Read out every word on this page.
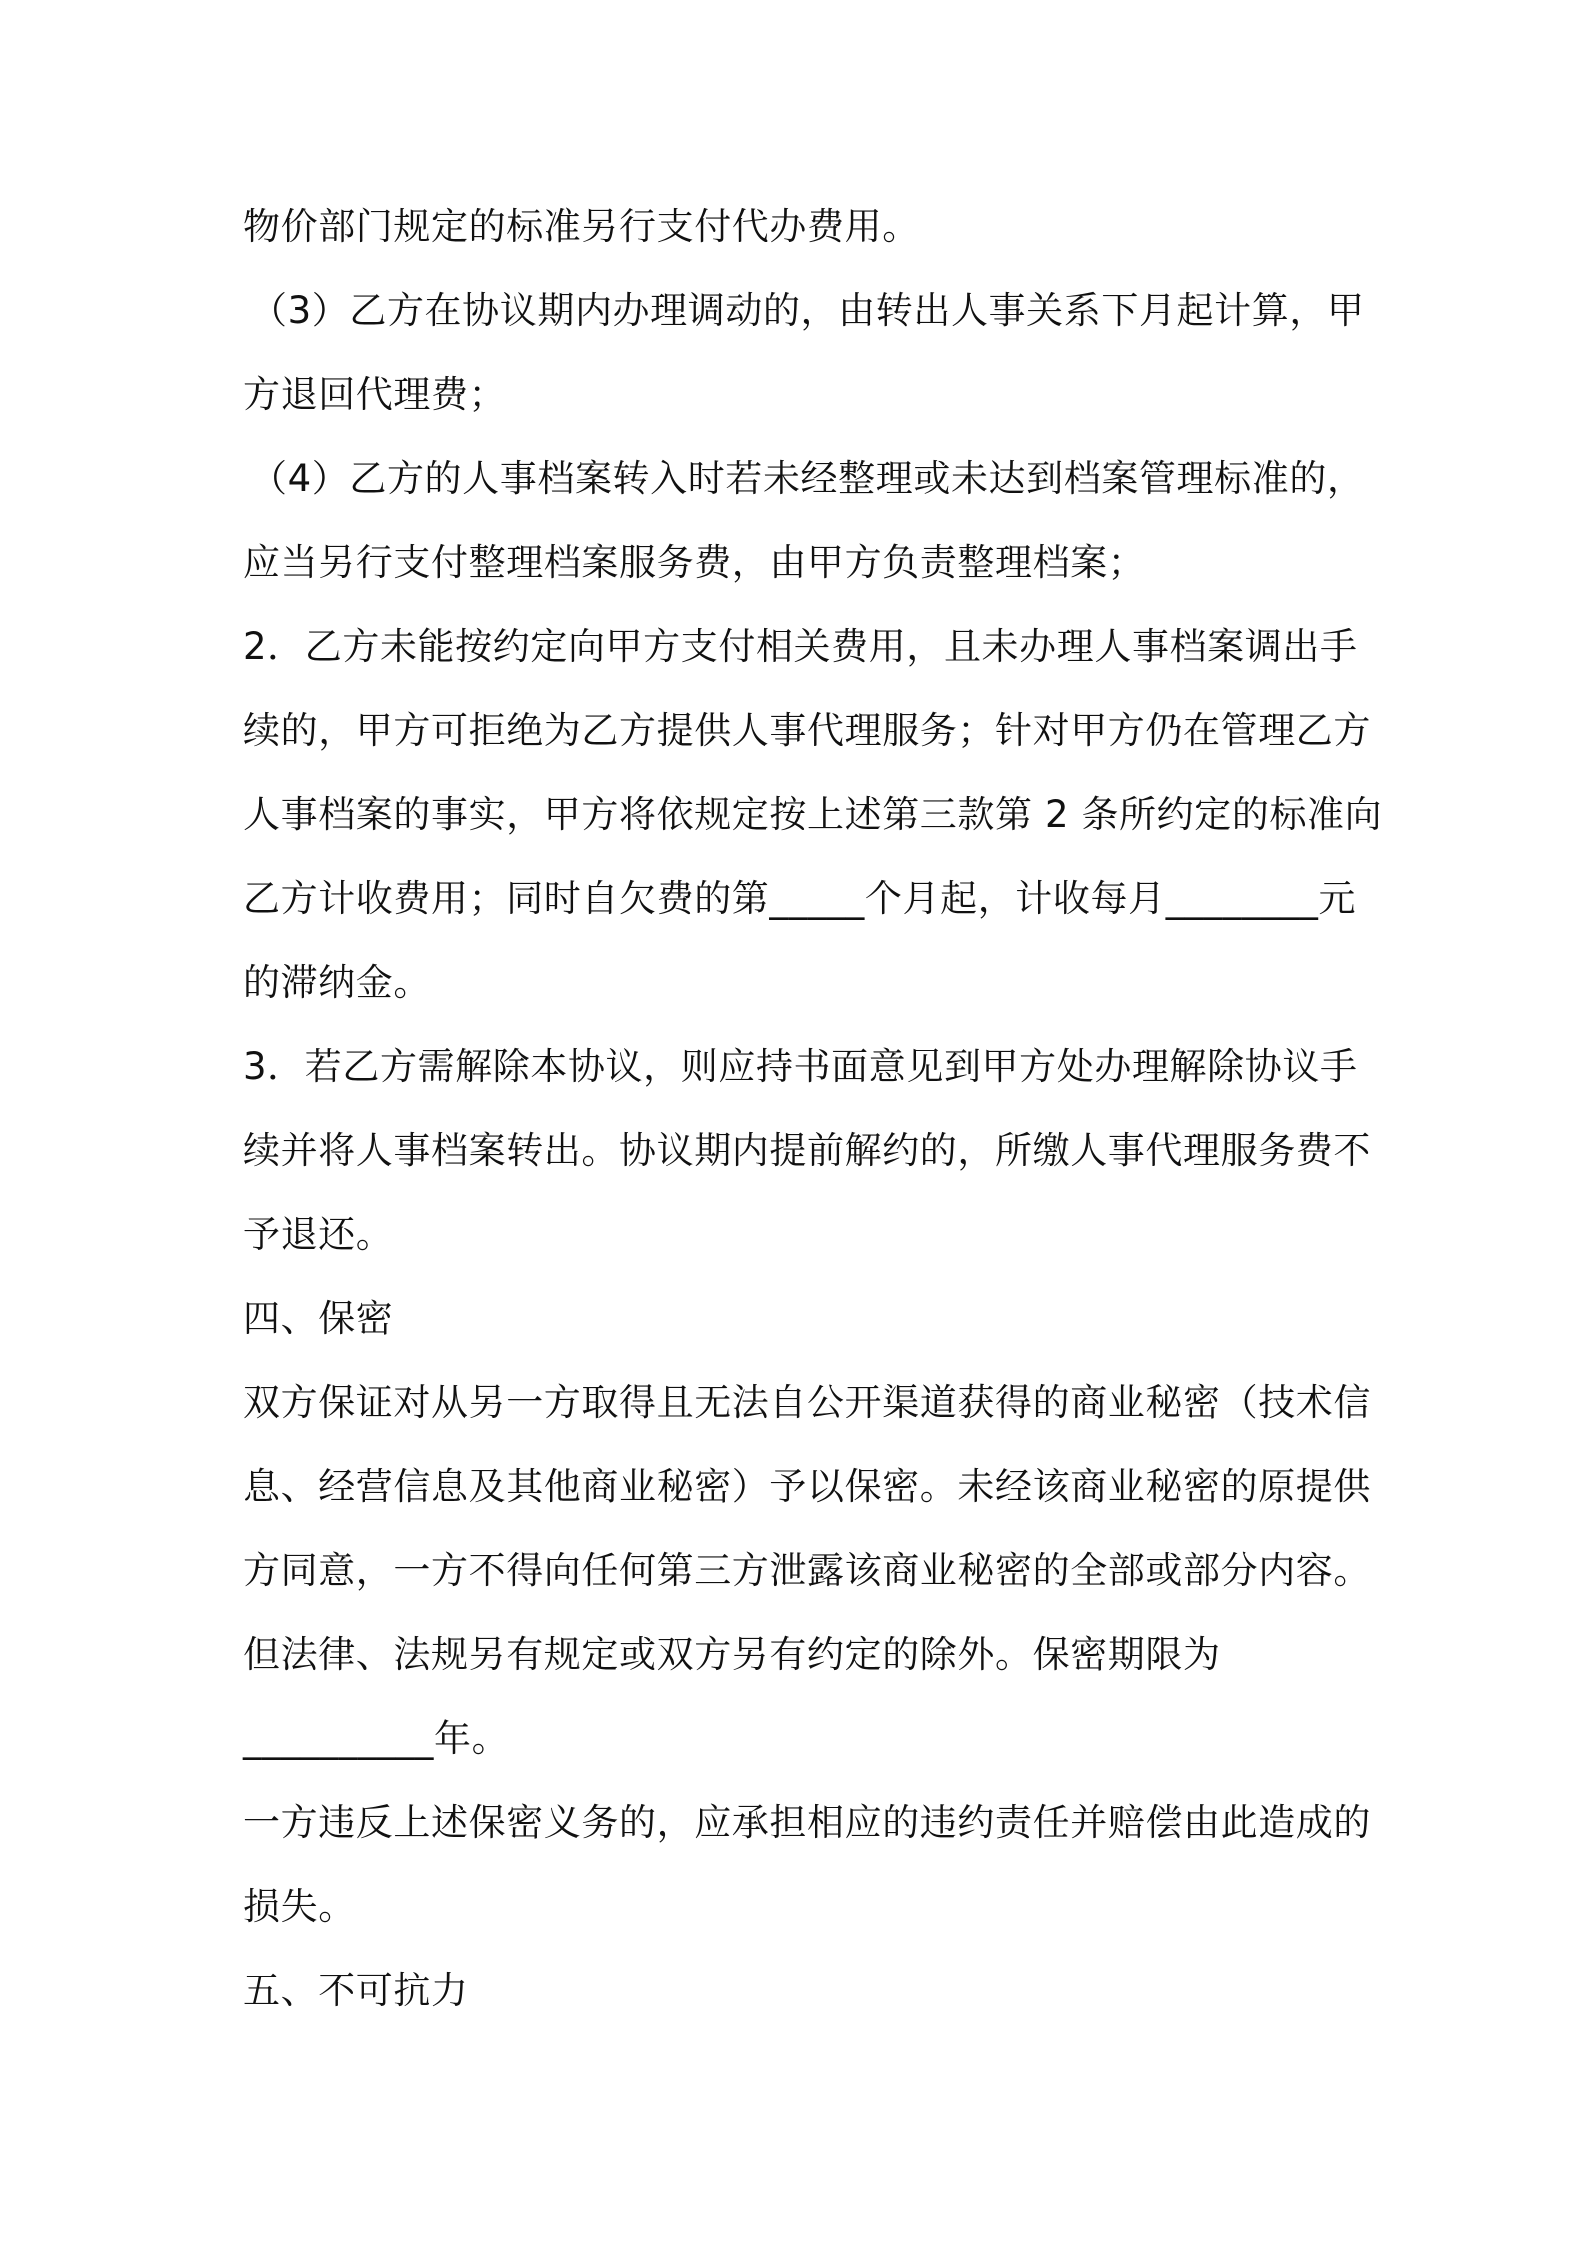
物价部门规定的标准另行支付代办费用。
（3）乙方在协议期内办理调动的，由转出人事关系下月起计算，甲
方退回代理费；
（4）乙方的人事档案转入时若未经整理或未达到档案管理标准的，
应当另行支付整理档案服务费，由甲方负责整理档案；
2．乙方未能按约定向甲方支付相关费用，且未办理人事档案调出手
续的，甲方可拒绝为乙方提供人事代理服务；针对甲方仍在管理乙方
人事档案的事实，甲方将依规定按上述第三款第 2 条所约定的标准向
乙方计收费用；同时自欠费的第_____个月起，计收每月________元
的滞纳金。
3．若乙方需解除本协议，则应持书面意见到甲方处办理解除协议手
续并将人事档案转出。协议期内提前解约的，所缴人事代理服务费不
予退还。
四、保密
双方保证对从另一方取得且无法自公开渠道获得的商业秘密（技术信
息、经营信息及其他商业秘密）予以保密。未经该商业秘密的原提供
方同意，一方不得向任何第三方泄露该商业秘密的全部或部分内容。
但法律、法规另有规定或双方另有约定的除外。保密期限为
__________年。
一方违反上述保密义务的，应承担相应的违约责任并赔偿由此造成的
损失。
五、不可抗力
